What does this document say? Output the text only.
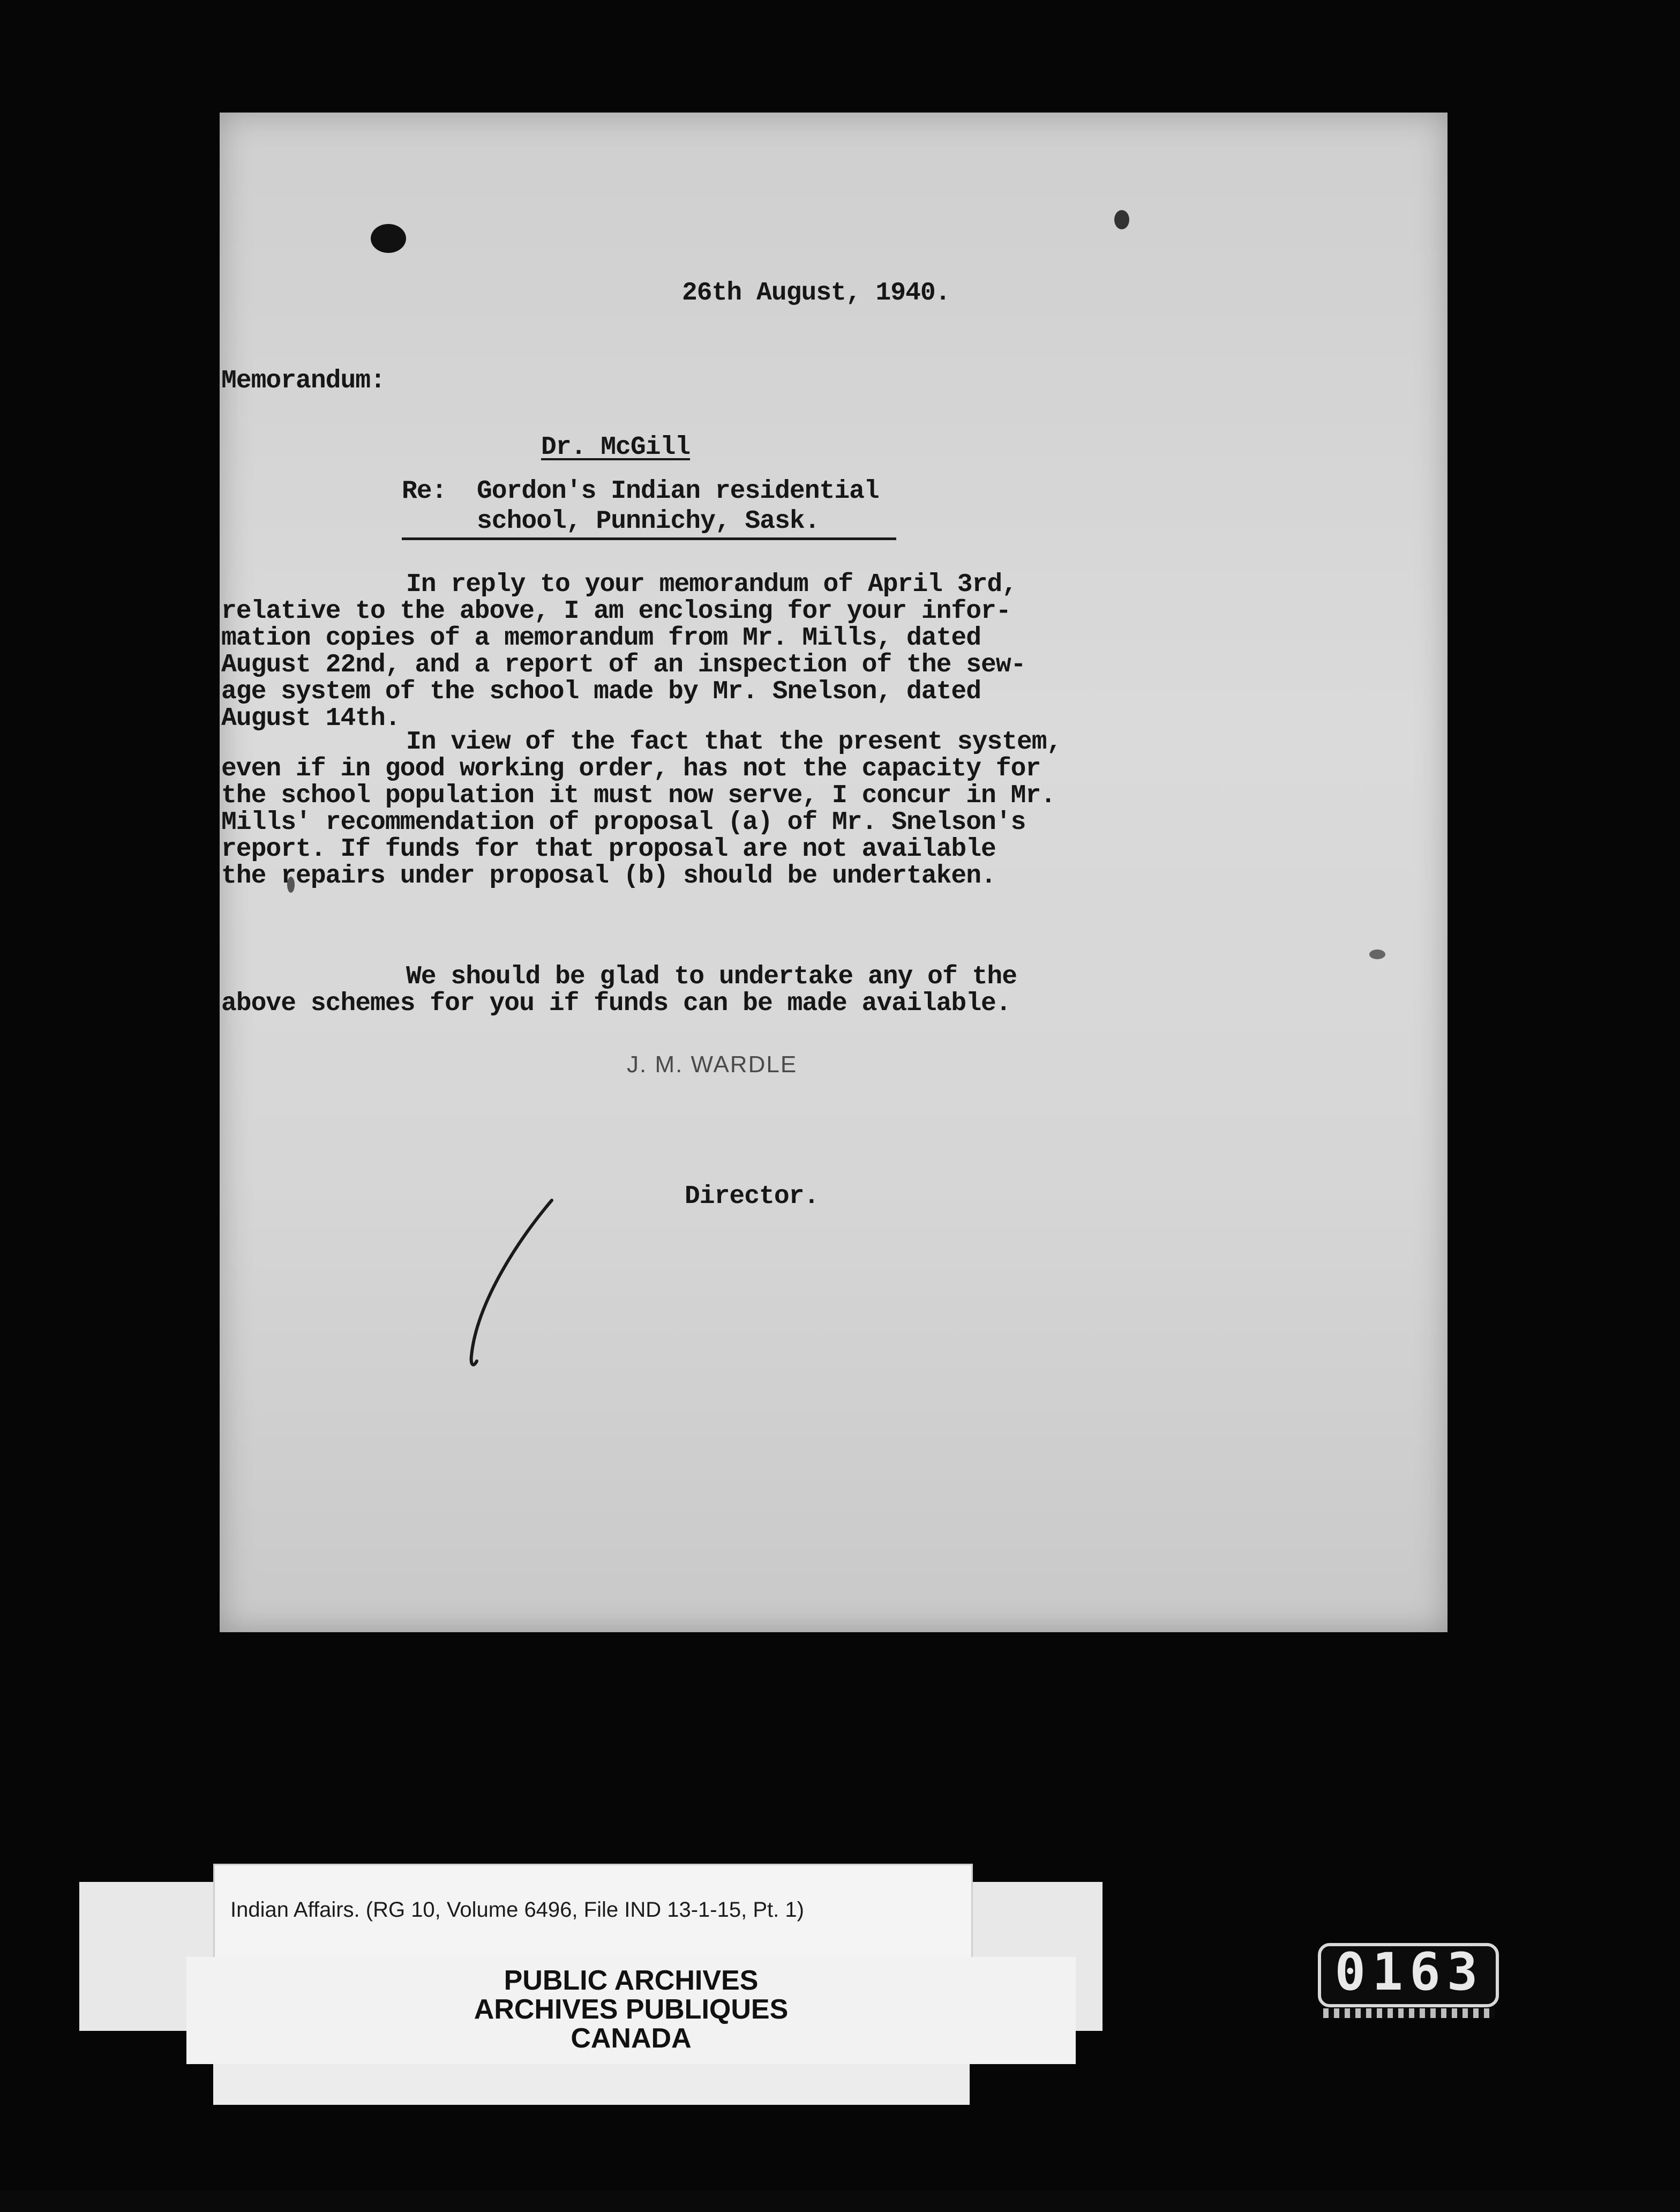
26th August, 1940.
Memorandum:
Dr. McGill
Re: Gordon's Indian residential
school, Punnichy, Sask.
In reply to your memorandum of April 3rd,
relative to the above, I am enclosing for your infor-
mation copies of a memorandum from Mr. Mills, dated
August 22nd, and a report of an inspection of the sew-
age system of the school made by Mr. Snelson, dated
August 14th.
In view of the fact that the present system,
even if in good working order, has not the capacity for
the school population it must now serve, I concur in Mr.
Mills' recommendation of proposal (a) of Mr. Snelson's
report. If funds for that proposal are not available
the repairs under proposal (b) should be undertaken.
We should be glad to undertake any of the
above schemes for you if funds can be made available.
J. M. WARDLE
Director.
Indian Affairs. (RG 10, Volume 6496, File IND 13-1-15, Pt. 1)
PUBLIC ARCHIVES
ARCHIVES PUBLIQUES
CANADA
0163
